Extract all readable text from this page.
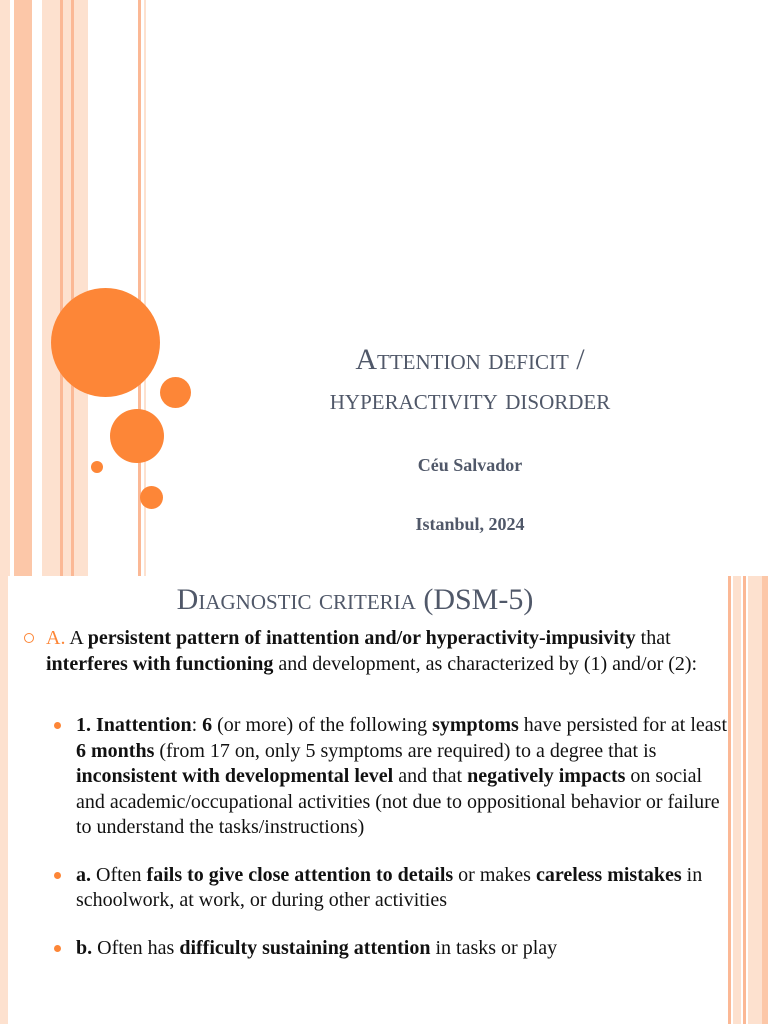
Attention deficit /
hyperactivity disorder
Céu Salvador
Istanbul, 2024
Diagnostic criteria (DSM-5)
A. A persistent pattern of inattention and/or hyperactivity-impusivity that interferes with functioning and development, as characterized by (1) and/or (2):
1. Inattention: 6 (or more) of the following symptoms have persisted for at least 6 months (from 17 on, only 5 symptoms are required) to a degree that is inconsistent with developmental level and that negatively impacts on social and academic/occupational activities (not due to oppositional behavior or failure to understand the tasks/instructions)
a. Often fails to give close attention to details or makes careless mistakes in schoolwork, at work, or during other activities
b. Often has difficulty sustaining attention in tasks or play
